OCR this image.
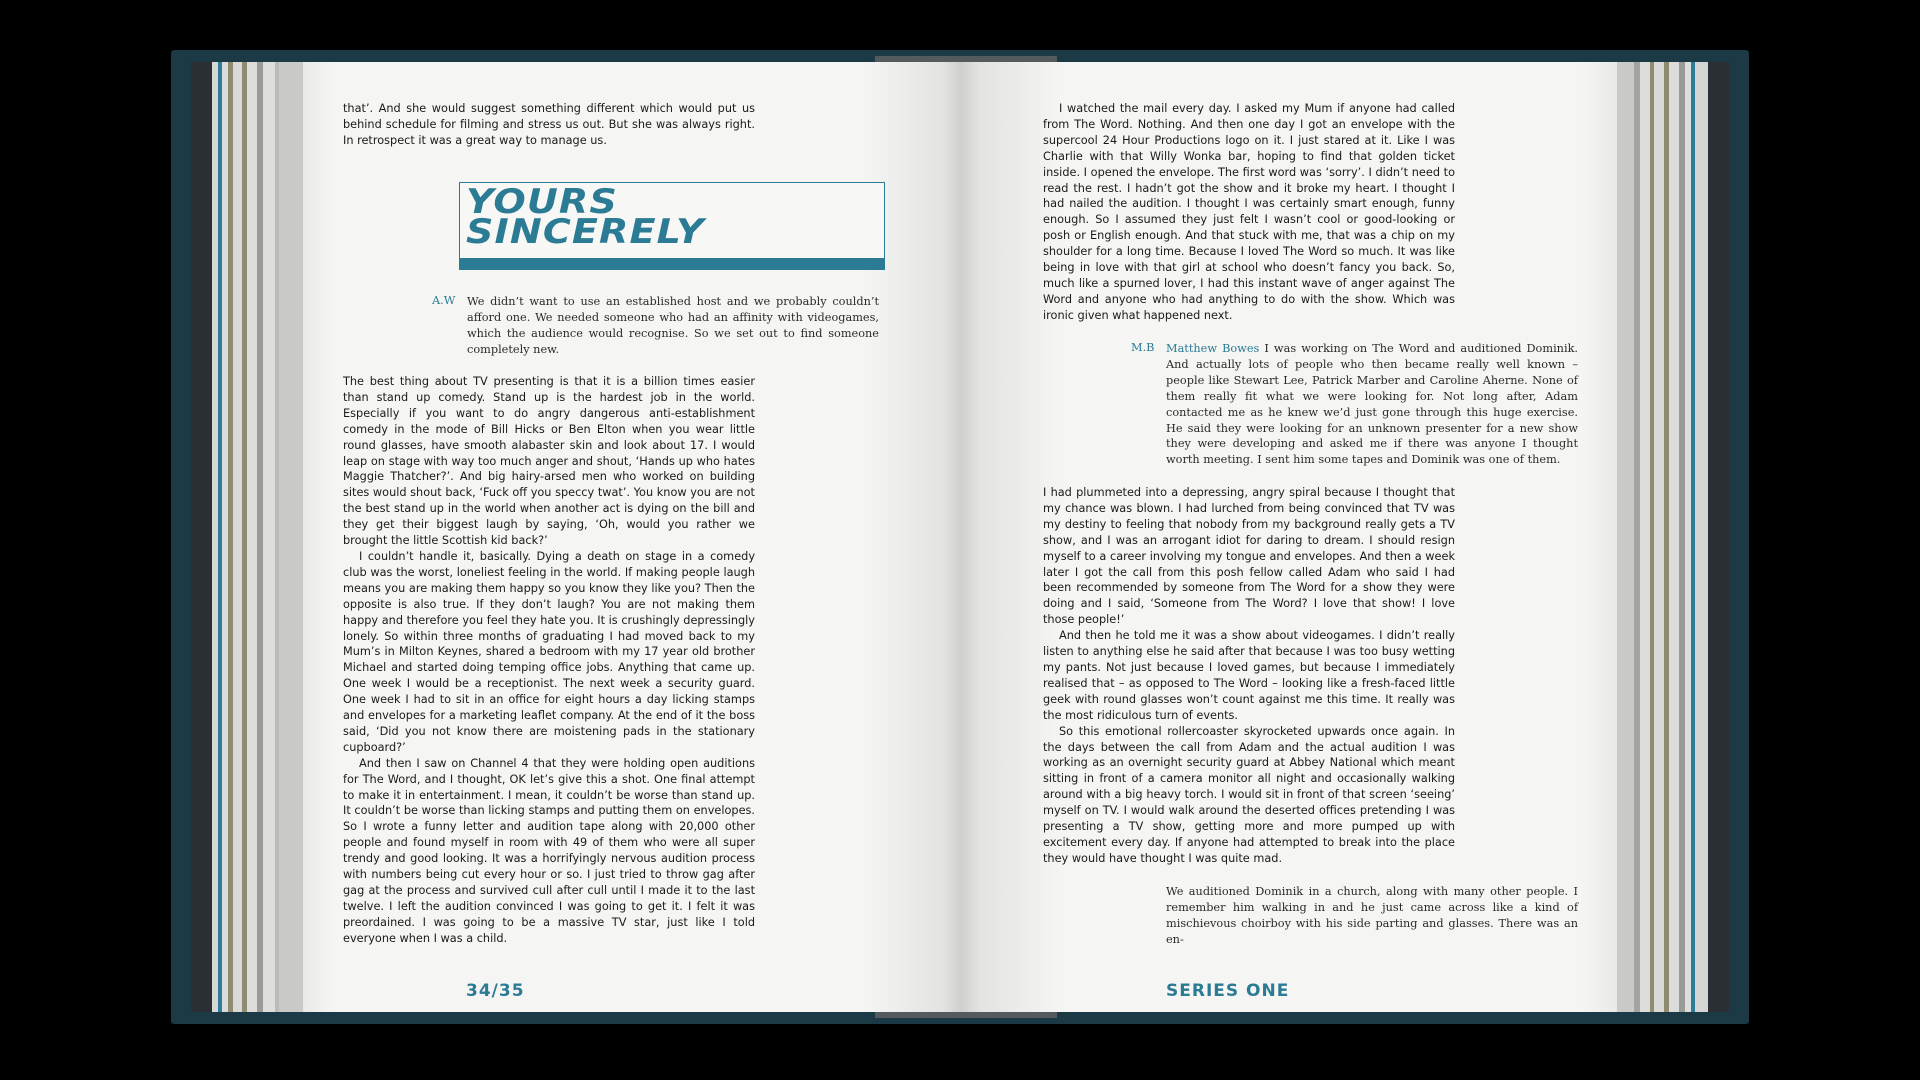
that’. And she would suggest something different which would put us behind schedule for filming and stress us out. But she was always right. In retrospect it was a great way to manage us.
YOURS
SINCERELY
A.W We didn’t want to use an established host and we probably couldn’t afford one. We needed someone who had an affinity with videogames, which the audience would recognise. So we set out to find someone completely new.

The best thing about TV presenting is that it is a billion times easier than stand up comedy. Stand up is the hardest job in the world. Especially if you want to do angry dangerous anti-establishment comedy in the mode of Bill Hicks or Ben Elton when you wear little round glasses, have smooth alabaster skin and look about 17. I would leap on stage with way too much anger and shout, ‘Hands up who hates Maggie Thatcher?’. And big hairy-arsed men who worked on building sites would shout back, ‘Fuck off you speccy twat’. You know you are not the best stand up in the world when another act is dying on the bill and they get their biggest laugh by saying, ‘Oh, would you rather we brought the little Scottish kid back?’

I couldn’t handle it, basically. Dying a death on stage in a comedy club was the worst, loneliest feeling in the world. If making people laugh means you are making them happy so you know they like you? Then the opposite is also true. If they don’t laugh? You are not making them happy and therefore you feel they hate you. It is crushingly depressingly lonely. So within three months of graduating I had moved back to my Mum’s in Milton Keynes, shared a bedroom with my 17 year old brother Michael and started doing temping office jobs. Anything that came up. One week I would be a receptionist. The next week a security guard. One week I had to sit in an office for eight hours a day licking stamps and envelopes for a marketing leaflet company. At the end of it the boss said, ‘Did you not know there are moistening pads in the stationary cupboard?’

And then I saw on Channel 4 that they were holding open auditions for The Word, and I thought, OK let’s give this a shot. One final attempt to make it in entertainment. I mean, it couldn’t be worse than stand up. It couldn’t be worse than licking stamps and putting them on envelopes. So I wrote a funny letter and audition tape along with 20,000 other people and found myself in room with 49 of them who were all super trendy and good looking. It was a horrifyingly nervous audition process with numbers being cut every hour or so. I just tried to throw gag after gag at the process and survived cull after cull until I made it to the last twelve. I left the audition convinced I was going to get it. I felt it was preordained. I was going to be a massive TV star, just like I told everyone when I was a child.

34/35

I watched the mail every day. I asked my Mum if anyone had called from The Word. Nothing. And then one day I got an envelope with the supercool 24 Hour Productions logo on it. I just stared at it. Like I was Charlie with that Willy Wonka bar, hoping to find that golden ticket inside. I opened the envelope. The first word was ‘sorry’. I didn’t need to read the rest. I hadn’t got the show and it broke my heart. I thought I had nailed the audition. I thought I was certainly smart enough, funny enough. So I assumed they just felt I wasn’t cool or good-looking or posh or English enough. And that stuck with me, that was a chip on my shoulder for a long time. Because I loved The Word so much. It was like being in love with that girl at school who doesn’t fancy you back. So, much like a spurned lover, I had this instant wave of anger against The Word and anyone who had anything to do with the show. Which was ironic given what happened next.

M.B Matthew Bowes I was working on The Word and auditioned Dominik. And actually lots of people who then became really well known – people like Stewart Lee, Patrick Marber and Caroline Aherne. None of them really fit what we were looking for. Not long after, Adam contacted me as he knew we’d just gone through this huge exercise. He said they were looking for an unknown presenter for a new show they were developing and asked me if there was anyone I thought worth meeting. I sent him some tapes and Dominik was one of them.

I had plummeted into a depressing, angry spiral because I thought that my chance was blown. I had lurched from being convinced that TV was my destiny to feeling that nobody from my background really gets a TV show, and I was an arrogant idiot for daring to dream. I should resign myself to a career involving my tongue and envelopes. And then a week later I got the call from this posh fellow called Adam who said I had been recommended by someone from The Word for a show they were doing and I said, ‘Someone from The Word? I love that show! I love those people!’

And then he told me it was a show about videogames. I didn’t really listen to anything else he said after that because I was too busy wetting my pants. Not just because I loved games, but because I immediately realised that – as opposed to The Word – looking like a fresh-faced little geek with round glasses won’t count against me this time. It really was the most ridiculous turn of events.

So this emotional rollercoaster skyrocketed upwards once again. In the days between the call from Adam and the actual audition I was working as an overnight security guard at Abbey National which meant sitting in front of a camera monitor all night and occasionally walking around with a big heavy torch. I would sit in front of that screen ‘seeing’ myself on TV. I would walk around the deserted offices pretending I was presenting a TV show, getting more and more pumped up with excitement every day. If anyone had attempted to break into the place they would have thought I was quite mad.

We auditioned Dominik in a church, along with many other people. I remember him walking in and he just came across like a kind of mischievous choirboy with his side parting and glasses. There was an en-
SERIES ONE
